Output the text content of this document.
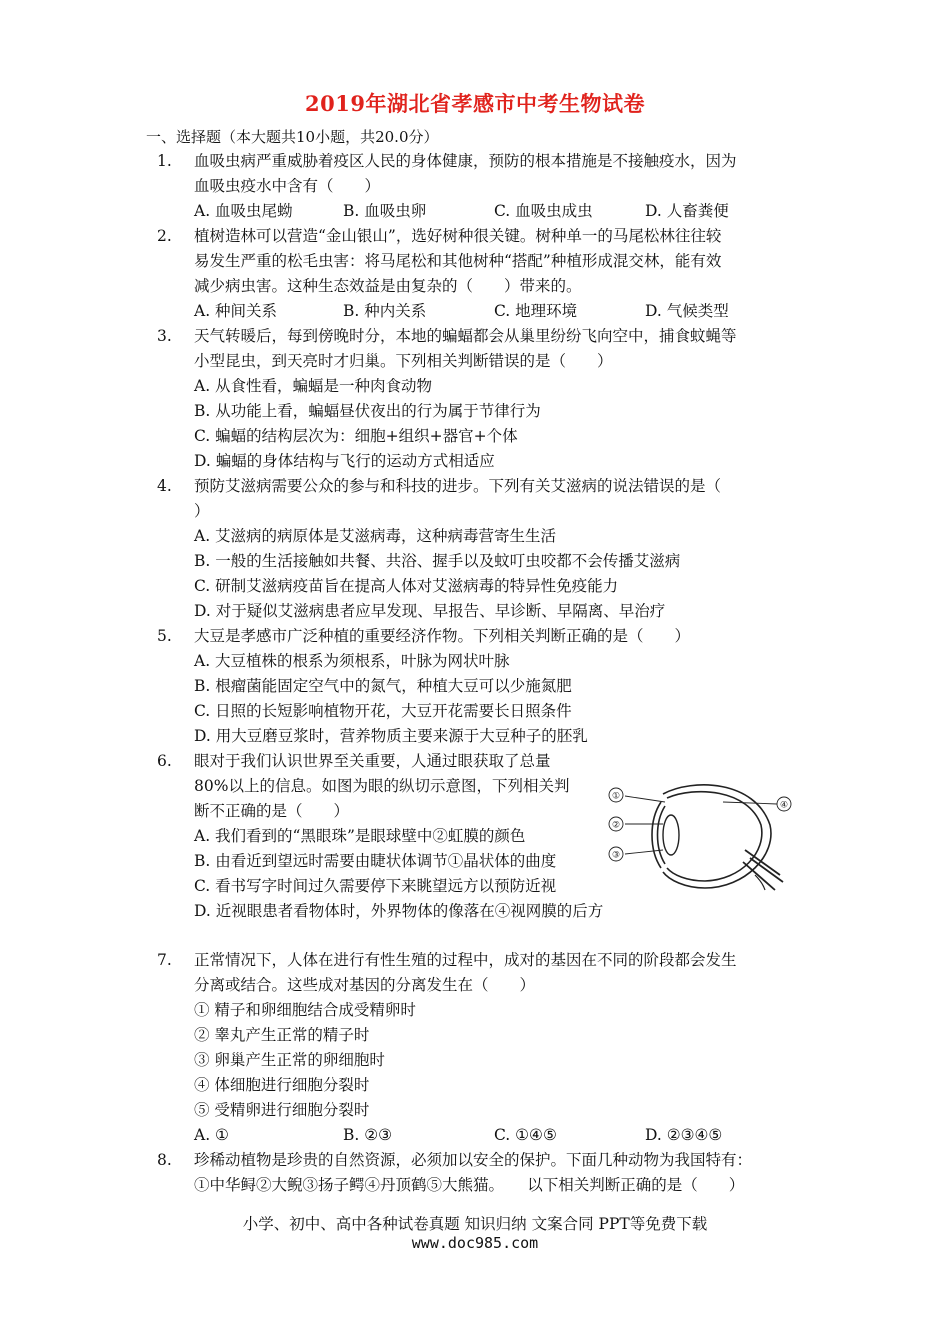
2019年湖北省孝感市中考生物试卷
一、选择题（本大题共10小题，共20.0分）
1. 血吸虫病严重威胁着疫区人民的身体健康，预防的根本措施是不接触疫水，因为
血吸虫疫水中含有（　　）
A. 血吸虫尾蚴	B. 血吸虫卵	C. 血吸虫成虫	D. 人畜粪便
2. 植树造林可以营造“金山银山”，选好树种很关键。树种单一的马尾松林往往较
易发生严重的松毛虫害：将马尾松和其他树种“搭配”种植形成混交林，能有效
减少病虫害。这种生态效益是由复杂的（　　）带来的。
A. 种间关系	B. 种内关系	C. 地理环境	D. 气候类型
3. 天气转暖后，每到傍晚时分，本地的蝙蝠都会从巢里纷纷飞向空中，捕食蚊蝇等
小型昆虫，到天亮时才归巢。下列相关判断错误的是（　　）
A. 从食性看，蝙蝠是一种肉食动物
B. 从功能上看，蝙蝠昼伏夜出的行为属于节律行为
C. 蝙蝠的结构层次为：细胞+组织+器官+个体
D. 蝙蝠的身体结构与飞行的运动方式相适应
4. 预防艾滋病需要公众的参与和科技的进步。下列有关艾滋病的说法错误的是（
）
A. 艾滋病的病原体是艾滋病毒，这种病毒营寄生生活
B. 一般的生活接触如共餐、共浴、握手以及蚊叮虫咬都不会传播艾滋病
C. 研制艾滋病疫苗旨在提高人体对艾滋病毒的特异性免疫能力
D. 对于疑似艾滋病患者应早发现、早报告、早诊断、早隔离、早治疗
5. 大豆是孝感市广泛种植的重要经济作物。下列相关判断正确的是（　　）
A. 大豆植株的根系为须根系，叶脉为网状叶脉
B. 根瘤菌能固定空气中的氮气，种植大豆可以少施氮肥
C. 日照的长短影响植物开花，大豆开花需要长日照条件
D. 用大豆磨豆浆时，营养物质主要来源于大豆种子的胚乳
6. 眼对于我们认识世界至关重要，人通过眼获取了总量
80%以上的信息。如图为眼的纵切示意图，下列相关判
断不正确的是（　　）
A. 我们看到的“黑眼珠”是眼球壁中②虹膜的颜色
B. 由看近到望远时需要由睫状体调节①晶状体的曲度
C. 看书写字时间过久需要停下来眺望远方以预防近视
D. 近视眼患者看物体时，外界物体的像落在④视网膜的后方
①
②
③
④
7. 正常情况下，人体在进行有性生殖的过程中，成对的基因在不同的阶段都会发生
分离或结合。这些成对基因的分离发生在（　　）
① 精子和卵细胞结合成受精卵时
② 睾丸产生正常的精子时
③ 卵巢产生正常的卵细胞时
④ 体细胞进行细胞分裂时
⑤ 受精卵进行细胞分裂时
A. ①	B. ②③	C. ①④⑤	D. ②③④⑤
8. 珍稀动植物是珍贵的自然资源，必须加以安全的保护。下面几种动物为我国特有：
①中华鲟②大鲵③扬子鳄④丹顶鹤⑤大熊猫。　　以下相关判断正确的是（　　）
小学、初中、高中各种试卷真题 知识归纳 文案合同 PPT等免费下载
www.doc985.com
